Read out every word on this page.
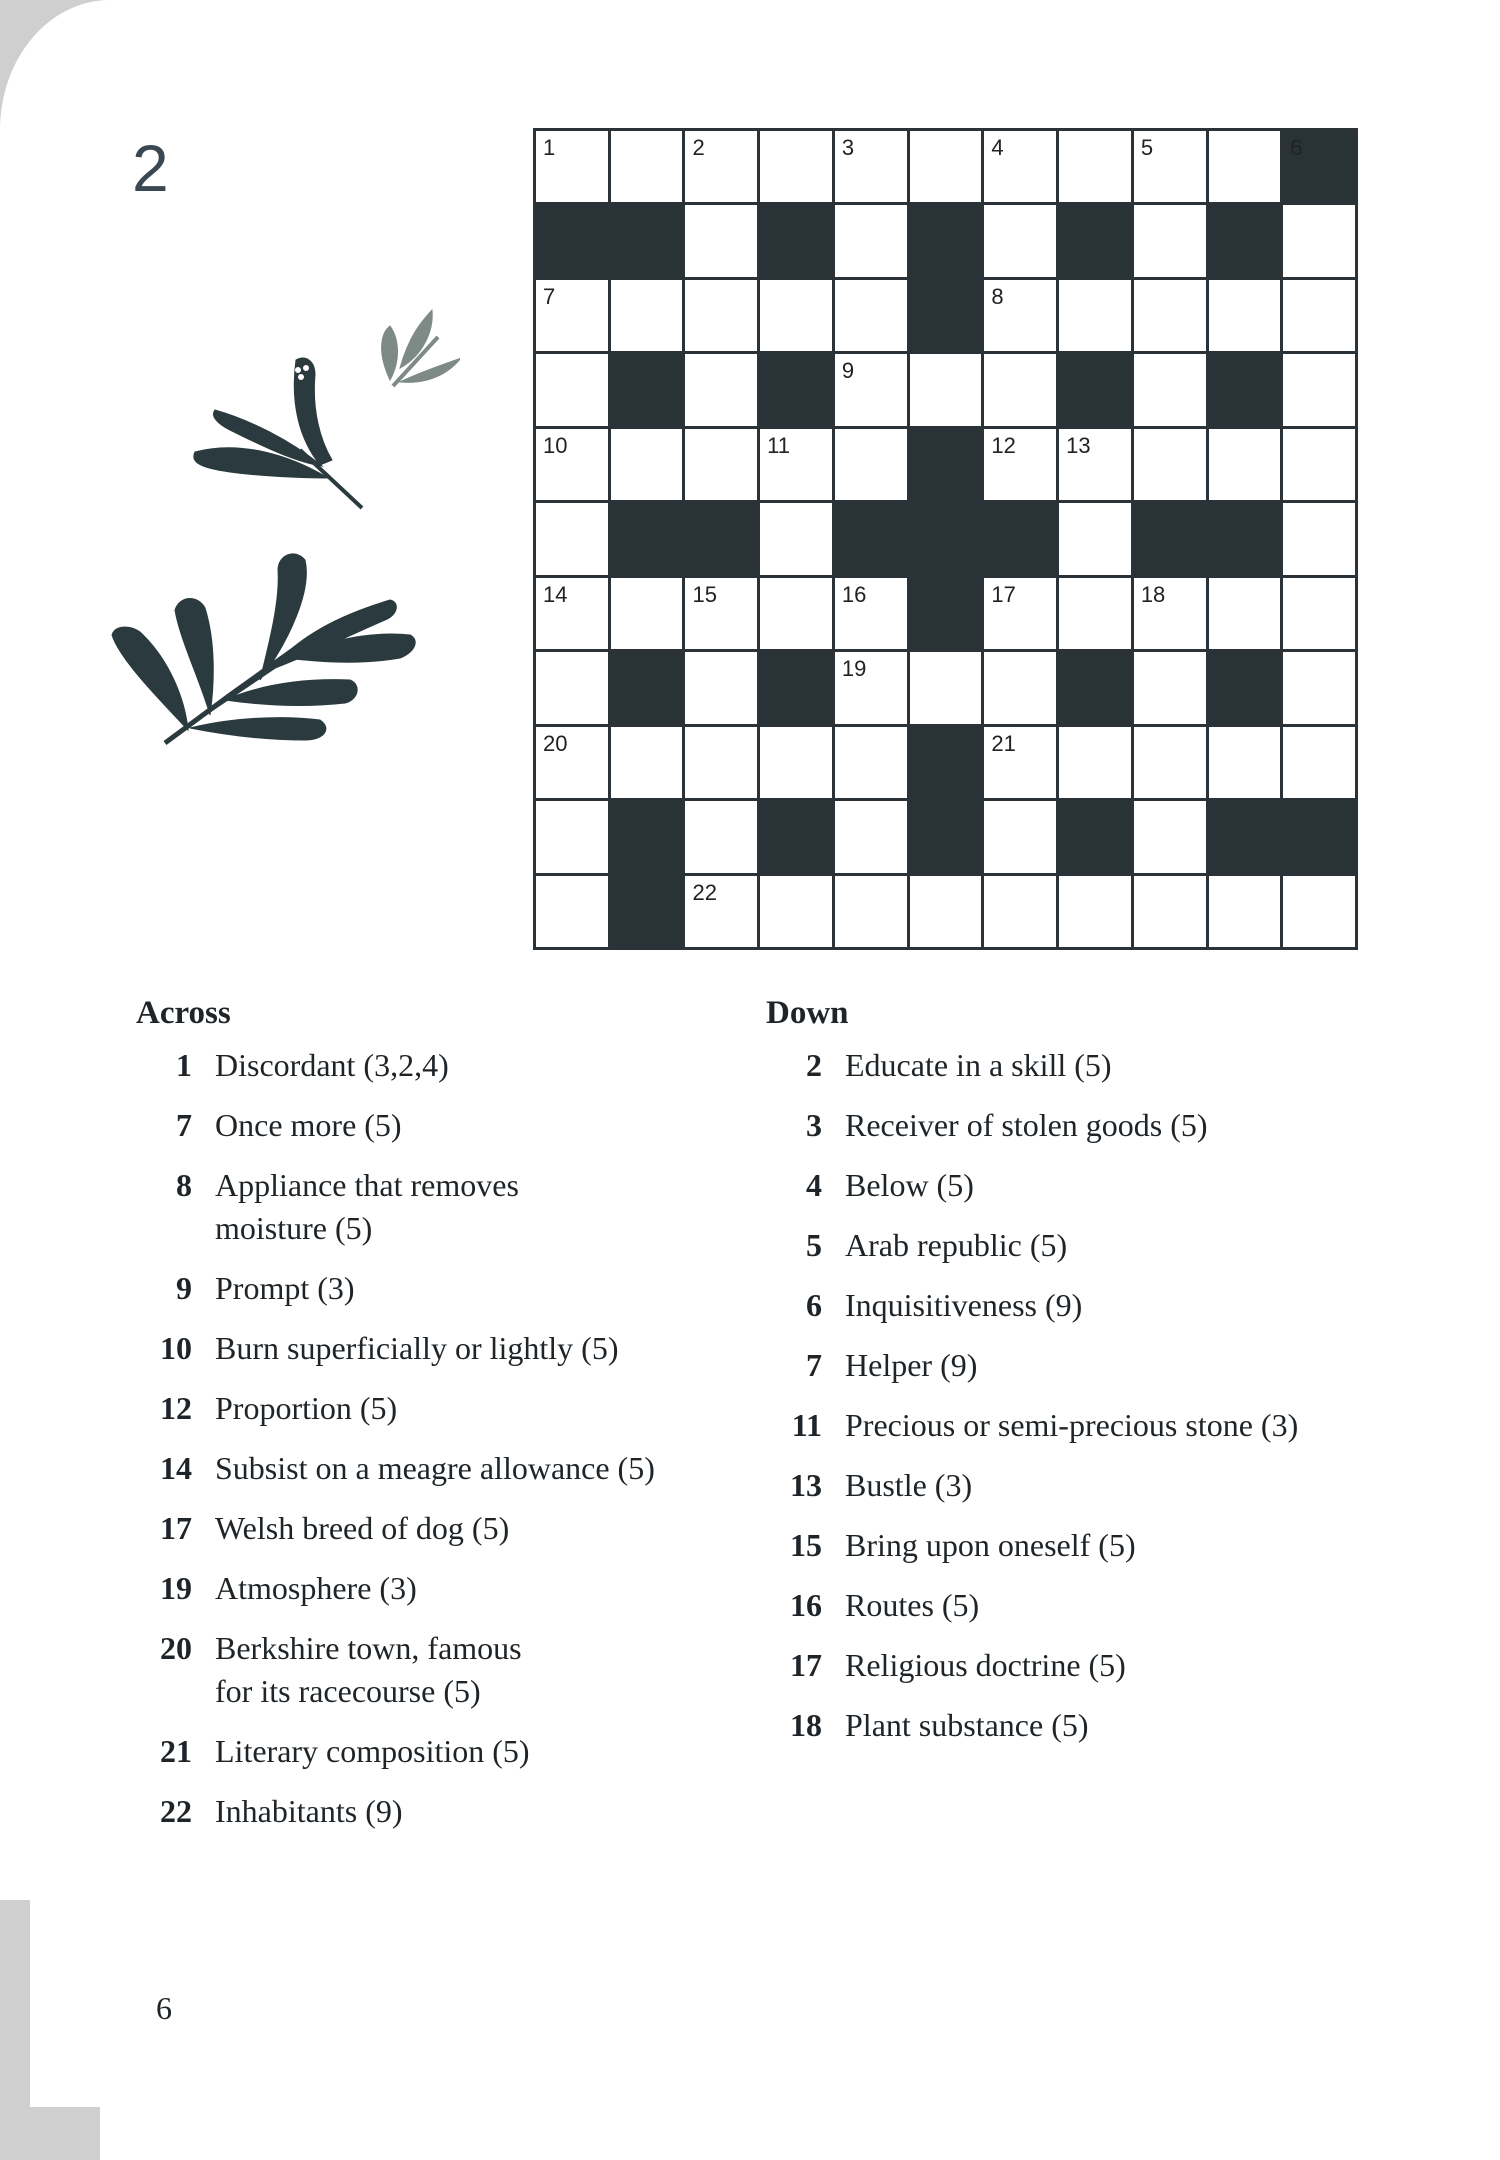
2	1	2	3	4	5	6
7	8
9
10	11	12 13
14	15	16	17	18
19
20	21
22
Across
1 Discordant (3,2,4)
7 Once more (5)
8 Appliance that removes
moisture (5)
9 Prompt (3)
10 Burn superficially or lightly (5)
12 Proportion (5)
14 Subsist on a meagre allowance (5)
17 Welsh breed of dog (5)
19 Atmosphere (3)
20 Berkshire town, famous
for its racecourse (5)
21 Literary composition (5)
22 Inhabitants (9)
Down
2 Educate in a skill (5)
3 Receiver of stolen goods (5)
4 Below (5)
5 Arab republic (5)
6 Inquisitiveness (9)
7 Helper (9)
11 Precious or semi-precious stone (3)
13 Bustle (3)
15 Bring upon oneself (5)
16 Routes (5)
17 Religious doctrine (5)
18 Plant substance (5)
6
